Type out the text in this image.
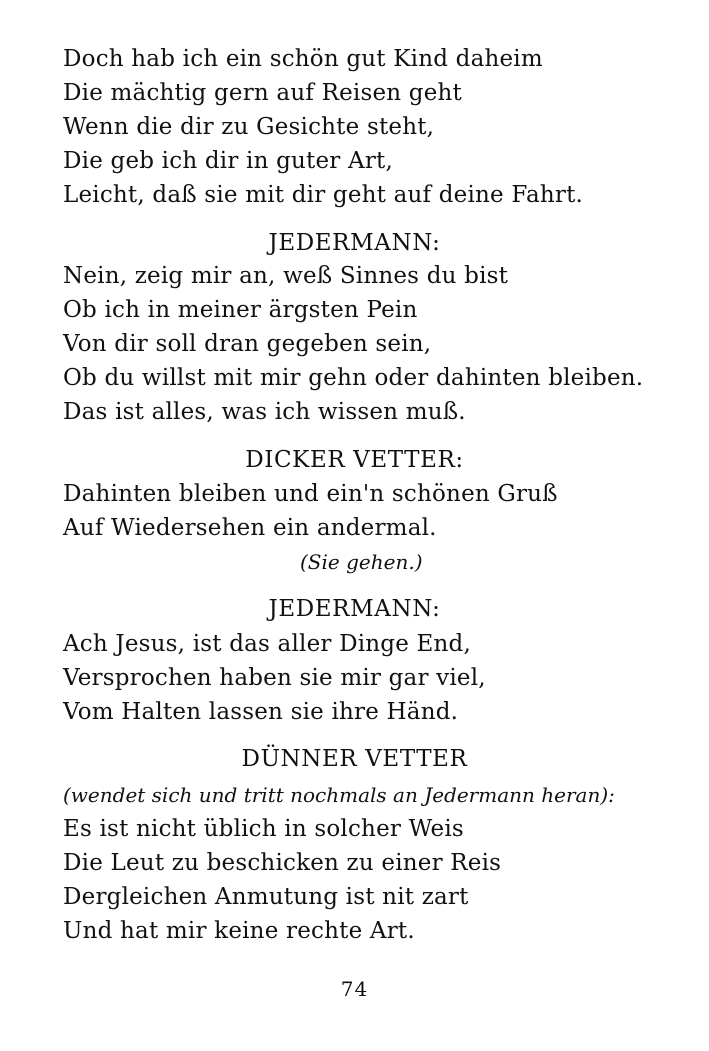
Doch hab ich ein schön gut Kind daheim
Die mächtig gern auf Reisen geht
Wenn die dir zu Gesichte steht,
Die geb ich dir in guter Art,
Leicht, daß sie mit dir geht auf deine Fahrt.
JEDERMANN:
Nein, zeig mir an, weß Sinnes du bist
Ob ich in meiner ärgsten Pein
Von dir soll dran gegeben sein,
Ob du willst mit mir gehn oder dahinten bleiben.
Das ist alles, was ich wissen muß.
DICKER VETTER:
Dahinten bleiben und ein'n schönen Gruß
Auf Wiedersehen ein andermal.
(Sie gehen.)
JEDERMANN:
Ach Jesus, ist das aller Dinge End,
Versprochen haben sie mir gar viel,
Vom Halten lassen sie ihre Händ.
DÜNNER VETTER
(wendet sich und tritt nochmals an Jedermann heran):
Es ist nicht üblich in solcher Weis
Die Leut zu beschicken zu einer Reis
Dergleichen Anmutung ist nit zart
Und hat mir keine rechte Art.
74
